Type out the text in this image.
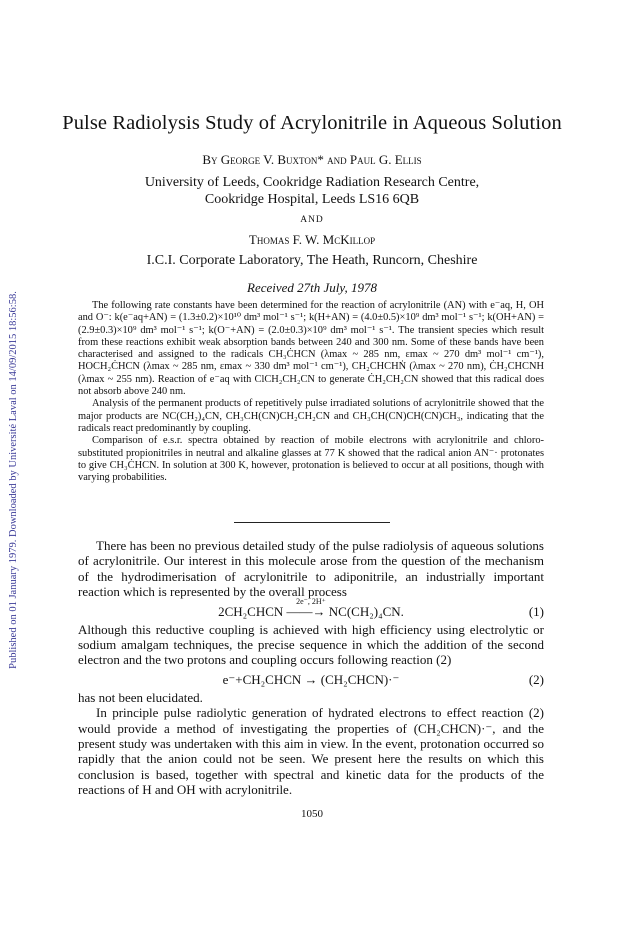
Published on 01 January 1979. Downloaded by Université Laval on 14/09/2015 18:56:58.
Pulse Radiolysis Study of Acrylonitrile in Aqueous Solution
By George V. Buxton* and Paul G. Ellis
University of Leeds, Cookridge Radiation Research Centre,
Cookridge Hospital, Leeds LS16 6QB
AND
Thomas F. W. McKillop
I.C.I. Corporate Laboratory, The Heath, Runcorn, Cheshire
Received 27th July, 1978

The following rate constants have been determined for the reaction of acrylonitrile (AN) with e⁻aq, H, OH and O⁻: k(e⁻aq+AN) = (1.3±0.2)×10¹⁰ dm³ mol⁻¹ s⁻¹; k(H+AN) = (4.0±0.5)×10⁹ dm³ mol⁻¹ s⁻¹; k(OH+AN) = (2.9±0.3)×10⁹ dm³ mol⁻¹ s⁻¹; k(O⁻+AN) = (2.0±0.3)×10⁹ dm³ mol⁻¹ s⁻¹. The transient species which result from these reactions exhibit weak absorption bands between 240 and 300 nm. Some of these bands have been characterised and assigned to the radicals CH₃ĊHCN (λmax ~ 285 nm, εmax ~ 270 dm³ mol⁻¹ cm⁻¹), HOCH₂ĊHCN (λmax ~ 285 nm, εmax ~ 330 dm³ mol⁻¹ cm⁻¹), CH₂CHCHṄ (λmax ~ 270 nm), ĊH₂CHCNH (λmax ~ 255 nm). Reaction of e⁻aq with ClCH₂CH₂CN to generate ĊH₂CH₂CN showed that this radical does not absorb above 240 nm.

Analysis of the permanent products of repetitively pulse irradiated solutions of acrylonitrile showed that the major products are NC(CH₂)₄CN, CH₃CH(CN)CH₂CH₂CN and CH₃CH(CN)CH(CN)CH₃, indicating that the radicals react predominantly by coupling.

Comparison of e.s.r. spectra obtained by reaction of mobile electrons with acrylonitrile and chloro-substituted propionitriles in neutral and alkaline glasses at 77 K showed that the radical anion AN⁻· protonates to give CH₃ĊHCN. In solution at 300 K, however, protonation is believed to occur at all positions, though with varying probabilities.

There has been no previous detailed study of the pulse radiolysis of aqueous solutions of acrylonitrile. Our interest in this molecule arose from the question of the mechanism of the hydrodimerisation of acrylonitrile to adiponitrile, an industrially important reaction which is represented by the overall process

2e⁻, 2H⁺
2CH₂CHCN ——→ NC(CH₂)₄CN.	(1)

Although this reductive coupling is achieved with high efficiency using electrolytic or sodium amalgam techniques, the precise sequence in which the addition of the second electron and the two protons and coupling occurs following reaction (2)

e⁻+CH₂CHCN → (CH₂CHCN)·⁻	(2)

has not been elucidated.

In principle pulse radiolytic generation of hydrated electrons to effect reaction (2) would provide a method of investigating the properties of (CH₂CHCN)·⁻, and the present study was undertaken with this aim in view. In the event, protonation occurred so rapidly that the anion could not be seen. We present here the results on which this conclusion is based, together with spectral and kinetic data for the products of the reactions of H and OH with acrylonitrile.

1050
